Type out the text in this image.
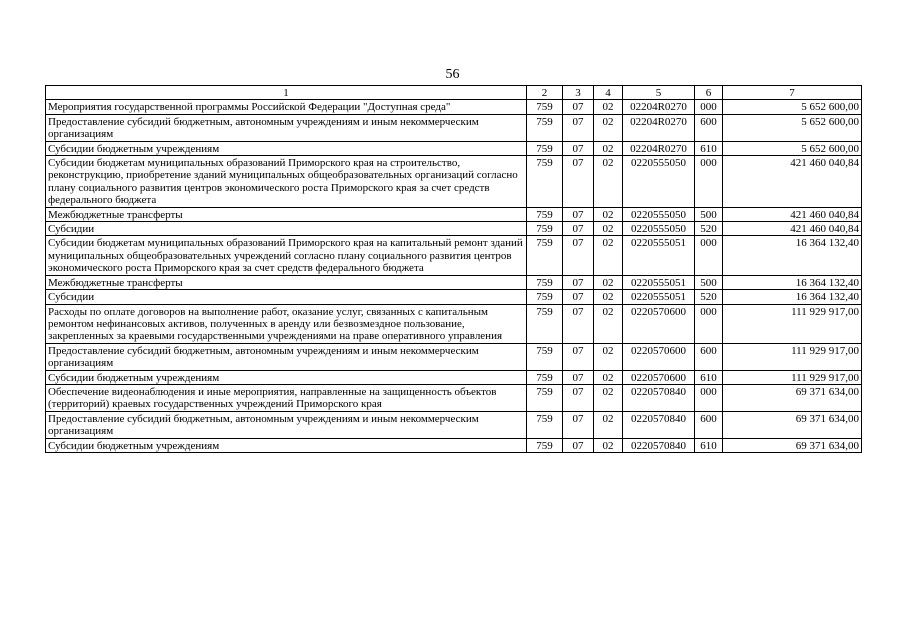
56
1	2	3	4	5	6	7
Мероприятия государственной программы Российской Федерации "Доступная среда"	759	07	02	02204R0270	000	5 652 600,00
Предоставление субсидий бюджетным, автономным учреждениям и иным некоммерческим организациям	759	07	02	02204R0270	600	5 652 600,00
Субсидии бюджетным учреждениям	759	07	02	02204R0270	610	5 652 600,00
Субсидии бюджетам муниципальных образований Приморского края на строительство, реконструкцию, приобретение зданий муниципальных общеобразовательных организаций согласно плану социального развития центров экономического роста Приморского края за счет средств федерального бюджета	759	07	02	0220555050	000	421 460 040,84
Межбюджетные трансферты	759	07	02	0220555050	500	421 460 040,84
Субсидии	759	07	02	0220555050	520	421 460 040,84
Субсидии бюджетам муниципальных образований Приморского края на капитальный ремонт зданий муниципальных общеобразовательных учреждений согласно плану социального развития центров экономического роста Приморского края за счет средств федерального бюджета	759	07	02	0220555051	000	16 364 132,40
Межбюджетные трансферты	759	07	02	0220555051	500	16 364 132,40
Субсидии	759	07	02	0220555051	520	16 364 132,40
Расходы по оплате договоров на выполнение работ, оказание услуг, связанных с капитальным ремонтом нефинансовых активов, полученных в аренду или безвозмездное пользование, закрепленных за краевыми государственными учреждениями на праве оперативного управления	759	07	02	0220570600	000	111 929 917,00
Предоставление субсидий бюджетным, автономным учреждениям и иным некоммерческим организациям	759	07	02	0220570600	600	111 929 917,00
Субсидии бюджетным учреждениям	759	07	02	0220570600	610	111 929 917,00
Обеспечение видеонаблюдения и иные мероприятия, направленные на защищенность объектов (территорий) краевых государственных учреждений Приморского края	759	07	02	0220570840	000	69 371 634,00
Предоставление субсидий бюджетным, автономным учреждениям и иным некоммерческим организациям	759	07	02	0220570840	600	69 371 634,00
Субсидии бюджетным учреждениям	759	07	02	0220570840	610	69 371 634,00
